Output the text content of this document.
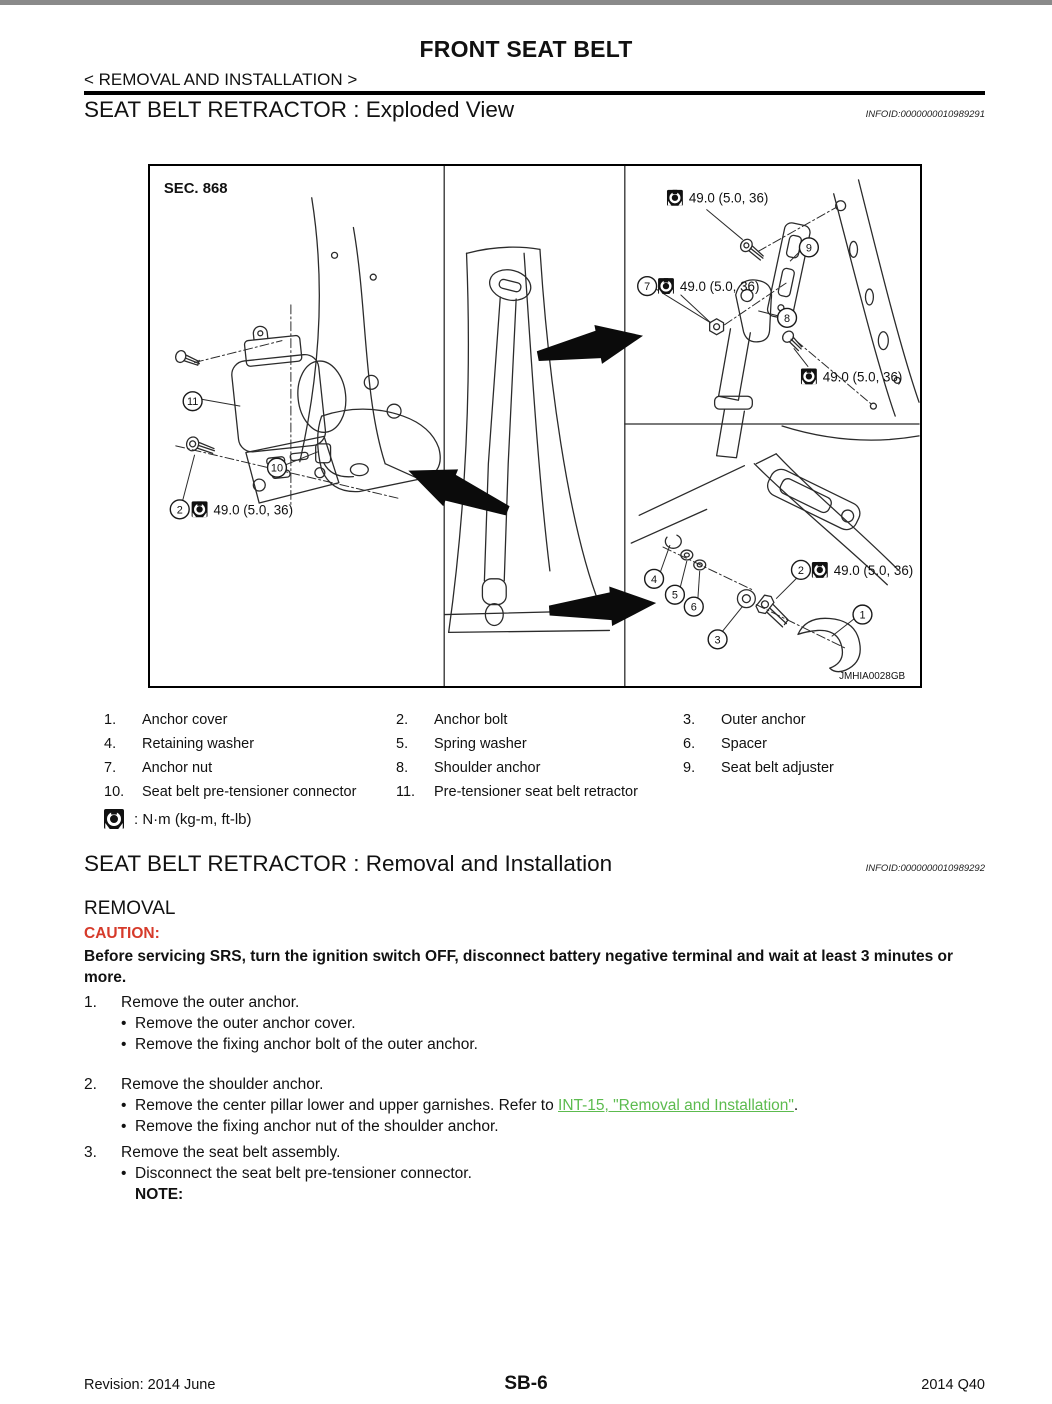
FRONT SEAT BELT
< REMOVAL AND INSTALLATION >
SEAT BELT RETRACTOR : Exploded View	INFOID:0000000010989291
SEC. 868
11
10
2
9
7
8
4
5
6
3
2
1
49.0 (5.0, 36)
49.0 (5.0, 36)
49.0 (5.0, 36)
49.0 (5.0, 36)
49.0 (5.0, 36)
JMHIA0028GB
1.	Anchor cover	2.	Anchor bolt	3.	Outer anchor
4.	Retaining washer	5.	Spring washer	6.	Spacer
7.	Anchor nut	8.	Shoulder anchor	9.	Seat belt adjuster
10.	Seat belt pre-tensioner connector	11.	Pre-tensioner seat belt retractor
: N·m (kg-m, ft-lb)
SEAT BELT RETRACTOR : Removal and Installation	INFOID:0000000010989292
REMOVAL
CAUTION:
Before servicing SRS, turn the ignition switch OFF, disconnect battery negative terminal and wait at least 3 minutes or more.
1.	Remove the outer anchor.
• Remove the outer anchor cover.
• Remove the fixing anchor bolt of the outer anchor.
2.	Remove the shoulder anchor.
• Remove the center pillar lower and upper garnishes. Refer to INT-15, "Removal and Installation".
• Remove the fixing anchor nut of the shoulder anchor.
3.	Remove the seat belt assembly.
• Disconnect the seat belt pre-tensioner connector.
NOTE:
SB-6
Revision: 2014 June	2014 Q40
